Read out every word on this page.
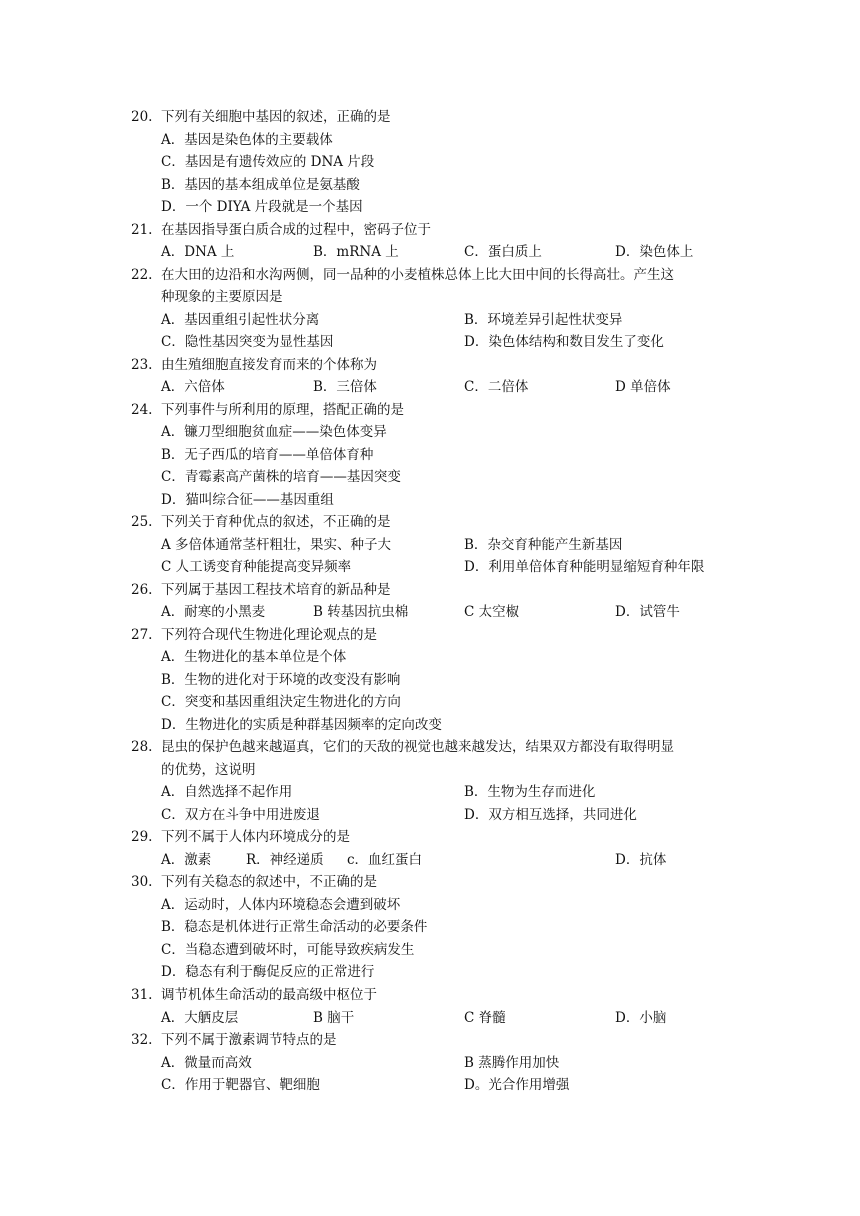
20. 下列有关细胞中基因的叙述，正确的是
A．基因是染色体的主要载体
C．基因是有遗传效应的 DNA 片段
B．基因的基本组成单位是氨基酸
D．一个 DIYA 片段就是一个基因
21. 在基因指导蛋白质合成的过程中，密码子位于
A．DNA 上	B．mRNA 上	C．蛋白质上	D．染色体上
22. 在大田的边沿和水沟两侧，同一品种的小麦植株总体上比大田中间的长得高壮。产生这
种现象的主要原因是
A．基因重组引起性状分离	B．环境差异引起性状变异
C．隐性基因突变为显性基因	D．染色体结构和数目发生了变化
23. 由生殖细胞直接发育而来的个体称为
A．六倍体	B．三倍体	C．二倍体	D 单倍体
24. 下列事件与所利用的原理，搭配正确的是
A．镰刀型细胞贫血症——染色体变异
B．无子西瓜的培育——单倍体育种
C．青霉素高产菌株的培育——基因突变
D．猫叫综合征——基因重组
25. 下列关于育种优点的叙述，不正确的是
A 多倍体通常茎杆粗壮，果实、种子大	B．杂交育种能产生新基因
C 人工诱变育种能提高变异频率	D．利用单倍体育种能明显缩短育种年限
26. 下列属于基因工程技术培育的新品种是
A．耐寒的小黑麦	B 转基因抗虫棉	C 太空椒	D．试管牛
27. 下列符合现代生物进化理论观点的是
A．生物进化的基本单位是个体
B．生物的进化对于环境的改变没有影响
C．突变和基因重组決定生物进化的方向
D．生物进化的实质是种群基因频率的定向改变
28. 昆虫的保护色越来越逼真，它们的天敌的视觉也越来越发达，结果双方都没有取得明显
的优势，这说明
A．自然选择不起作用	B．生物为生存而进化
C．双方在斗争中用进废退	D．双方相互选择，共同进化
29. 下列不属于人体内环境成分的是
A．激素	R．神经递质 c．血红蛋白	D．抗体
30. 下列有关稳态的叙述中，不正确的是
A．运动时，人体内环境稳态会遭到破坏
B．稳态是机体进行正常生命活动的必要条件
C．当稳态遭到破坏时，可能导致疾病发生
D．稳态有利于酶促反应的正常进行
31. 调节机体生命活动的最高级中枢位于
A．大舾皮层	B 脑干	C 脊髓	D．小脑
32. 下列不属于激素调节特点的是
A．微量而高效	B 蒸腾作用加快
C．作用于靶器官、靶细胞	D。光合作用增强
